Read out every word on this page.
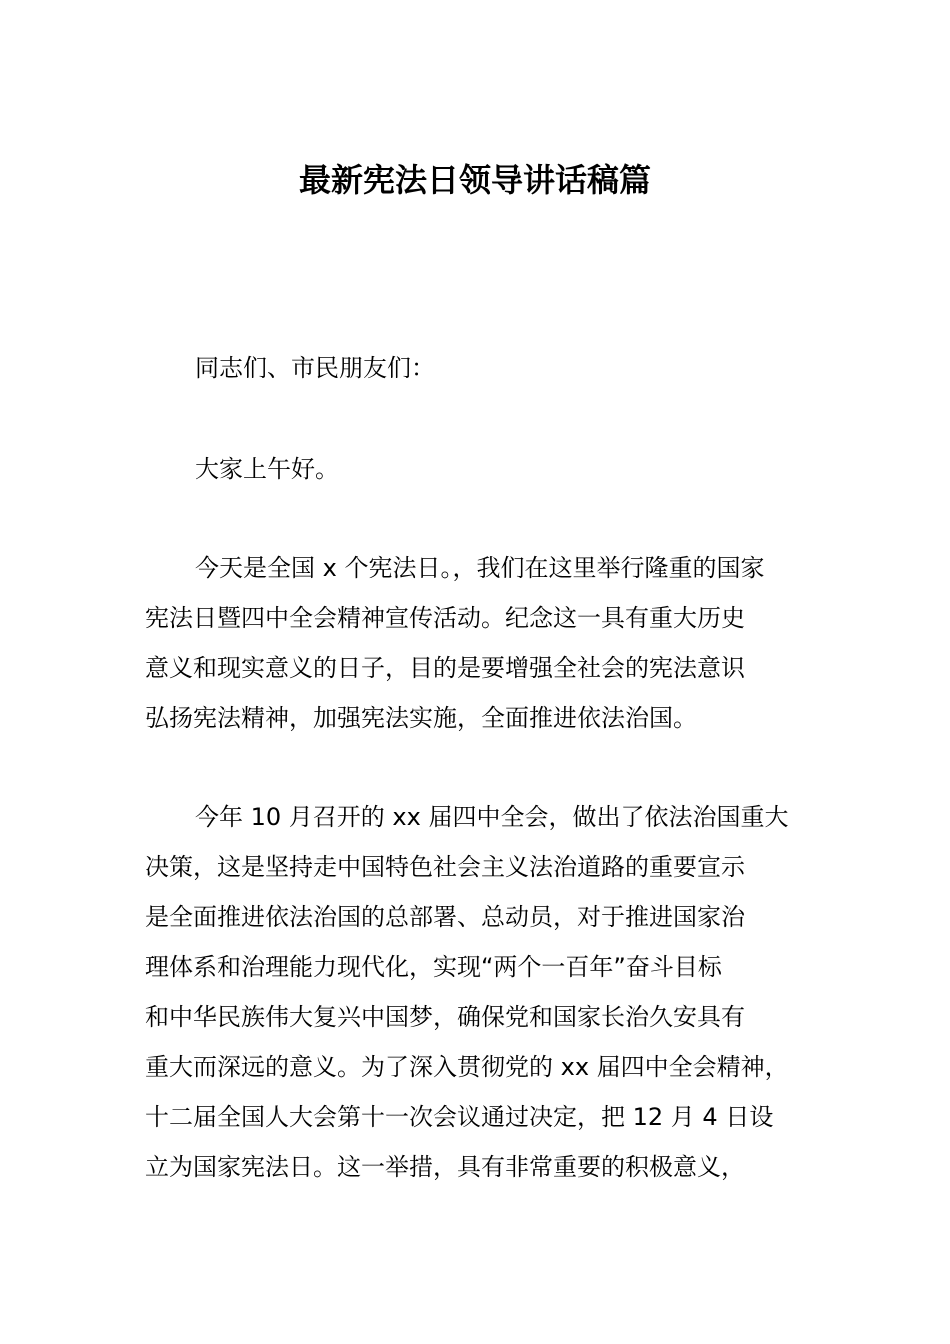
最新宪法日领导讲话稿篇
同志们、市民朋友们：
大家上午好。
今天是全国 x 个宪法日。，我们在这里举行隆重的国家
宪法日暨四中全会精神宣传活动。纪念这一具有重大历史
意义和现实意义的日子，目的是要增强全社会的宪法意识
弘扬宪法精神，加强宪法实施，全面推进依法治国。
今年 10 月召开的 xx 届四中全会，做出了依法治国重大
决策，这是坚持走中国特色社会主义法治道路的重要宣示
是全面推进依法治国的总部署、总动员，对于推进国家治
理体系和治理能力现代化，实现“两个一百年”奋斗目标
和中华民族伟大复兴中国梦，确保党和国家长治久安具有
重大而深远的意义。为了深入贯彻党的 xx 届四中全会精神，
十二届全国人大会第十一次会议通过决定，把 12 月 4 日设
立为国家宪法日。这一举措，具有非常重要的积极意义，
